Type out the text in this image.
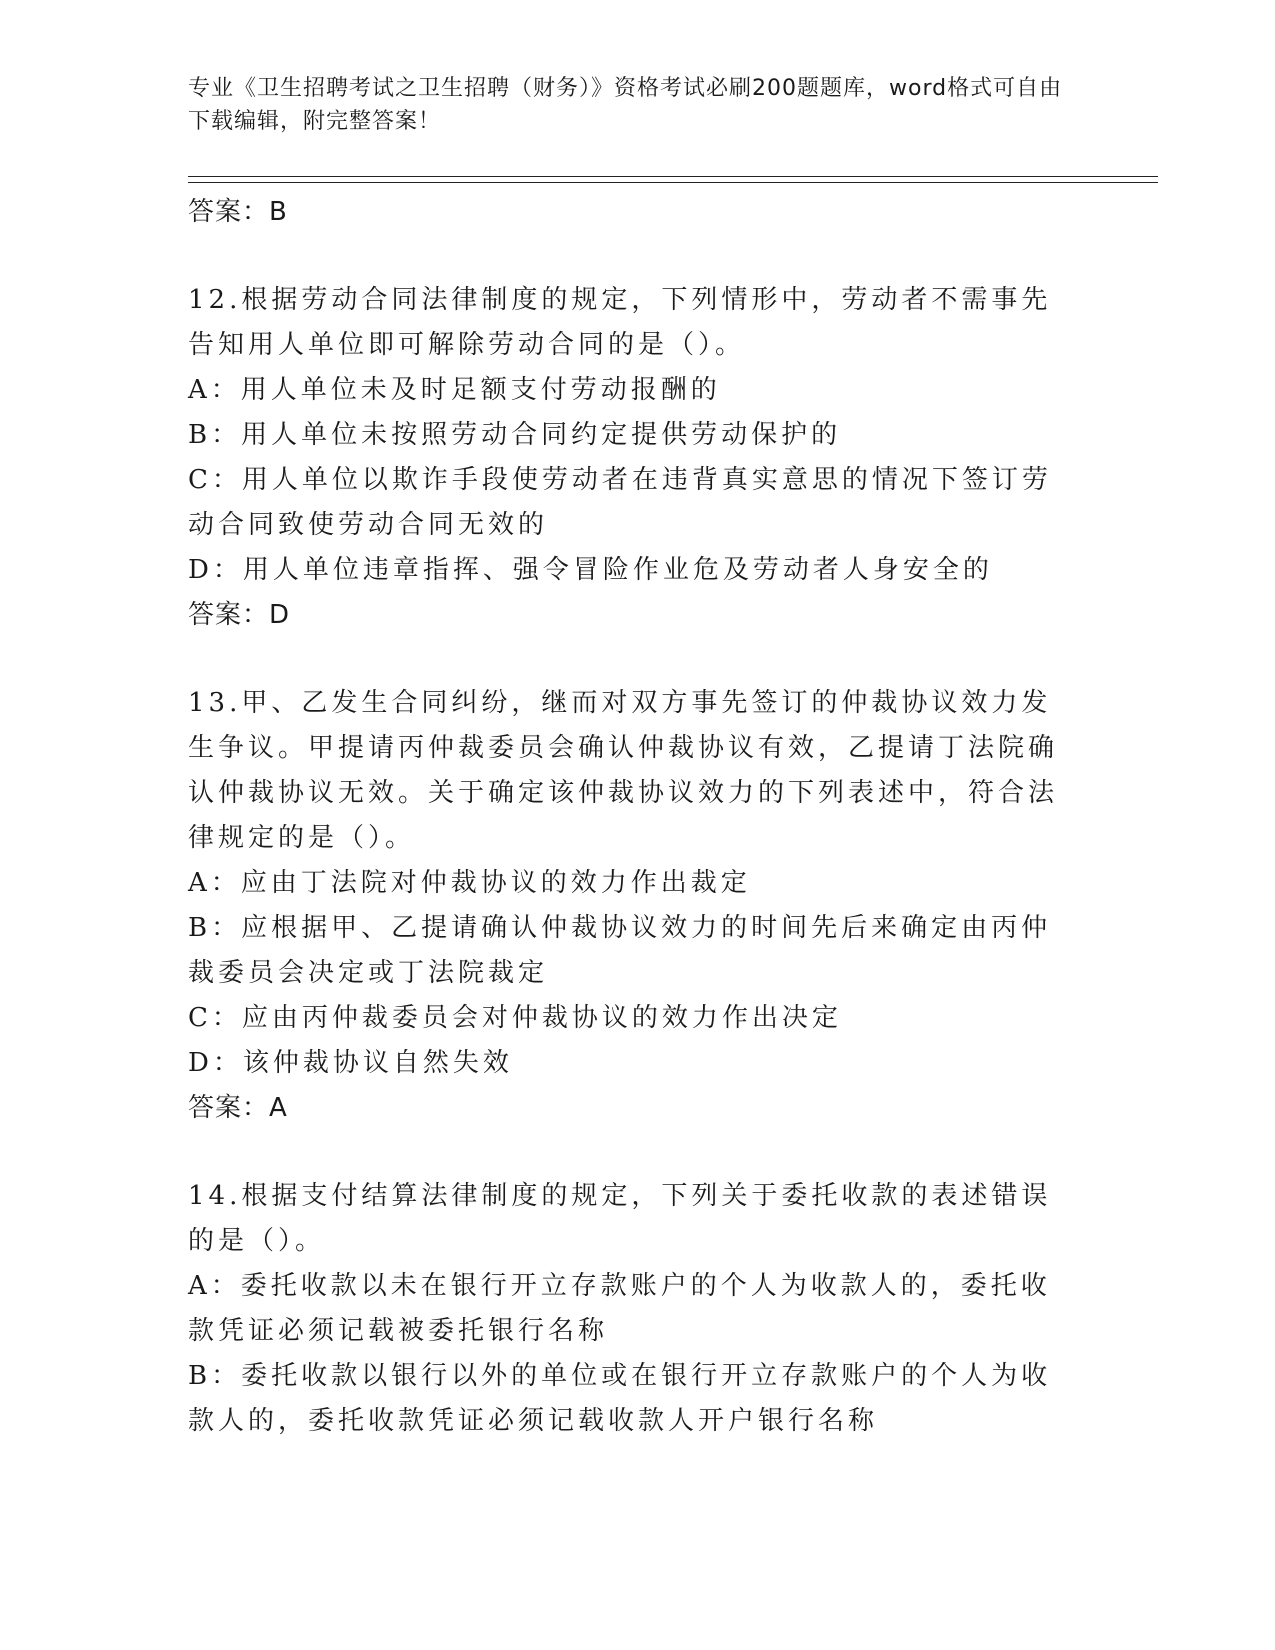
专业《卫生招聘考试之卫生招聘（财务）》资格考试必刷200题题库，word格式可自由下载编辑，附完整答案！

答案：B

12.根据劳动合同法律制度的规定，下列情形中，劳动者不需事先告知用人单位即可解除劳动合同的是（）。

A：用人单位未及时足额支付劳动报酬的

B：用人单位未按照劳动合同约定提供劳动保护的

C：用人单位以欺诈手段使劳动者在违背真实意思的情况下签订劳动合同致使劳动合同无效的

D：用人单位违章指挥、强令冒险作业危及劳动者人身安全的

答案：D

13.甲、乙发生合同纠纷，继而对双方事先签订的仲裁协议效力发生争议。甲提请丙仲裁委员会确认仲裁协议有效，乙提请丁法院确认仲裁协议无效。关于确定该仲裁协议效力的下列表述中，符合法律规定的是（）。

A：应由丁法院对仲裁协议的效力作出裁定

B：应根据甲、乙提请确认仲裁协议效力的时间先后来确定由丙仲裁委员会决定或丁法院裁定

C：应由丙仲裁委员会对仲裁协议的效力作出决定

D：该仲裁协议自然失效

答案：A

14.根据支付结算法律制度的规定，下列关于委托收款的表述错误的是（）。

A：委托收款以未在银行开立存款账户的个人为收款人的，委托收款凭证必须记载被委托银行名称

B：委托收款以银行以外的单位或在银行开立存款账户的个人为收款人的，委托收款凭证必须记载收款人开户银行名称
